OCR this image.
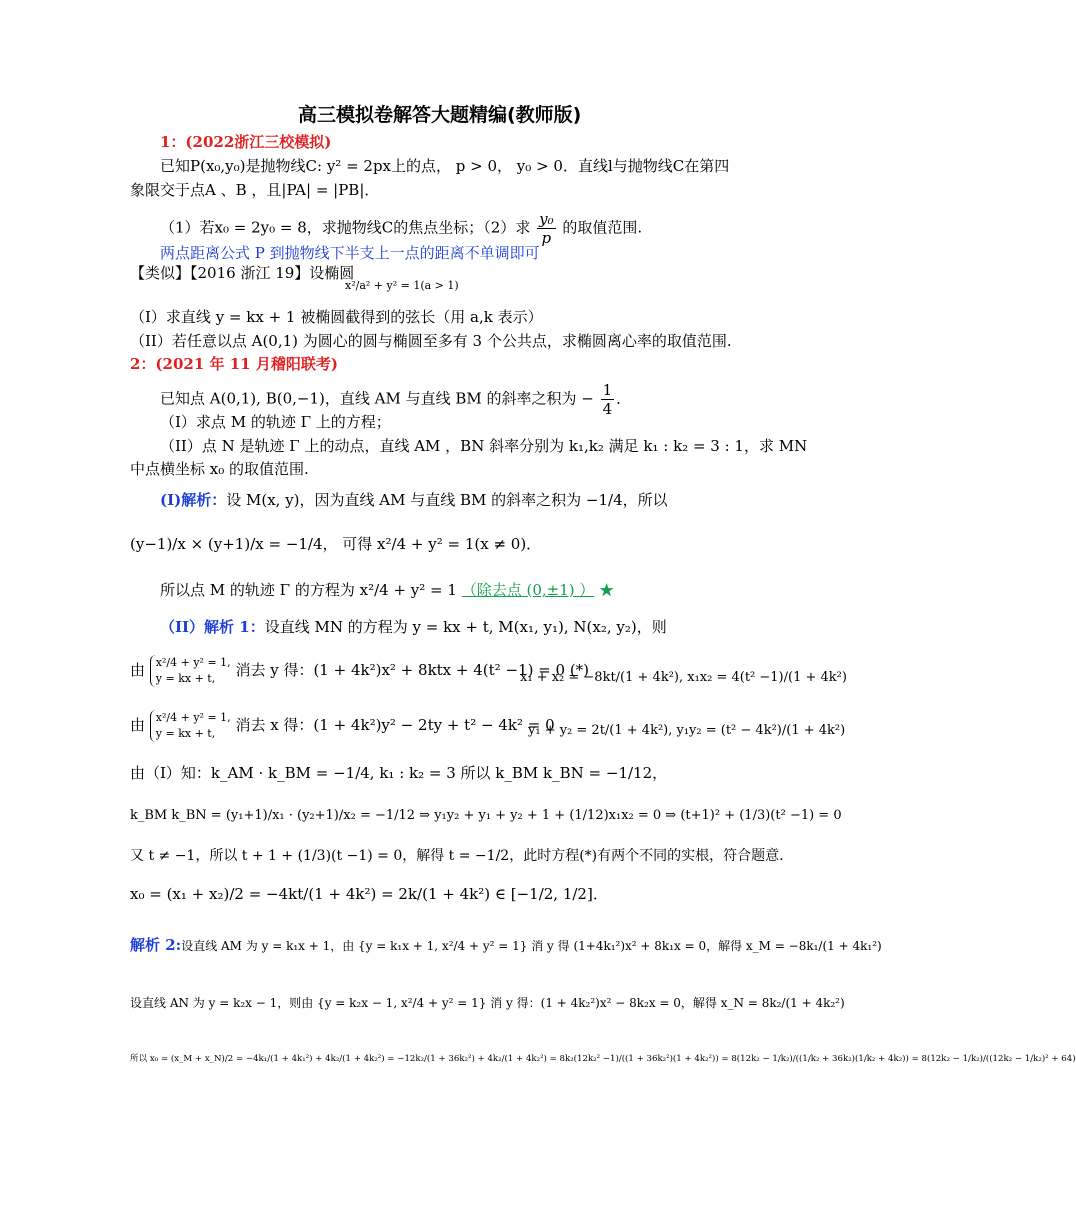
高三模拟卷解答大题精编(教师版)
1：(2022浙江三校模拟)
已知P(x₀,y₀)是抛物线C: y² = 2px上的点， p > 0， y₀ > 0．直线l与抛物线C在第四
象限交于点A 、B ，且|PA| = |PB|．
（1）若x₀ = 2y₀ = 8，求抛物线C的焦点坐标；（2）求 $\frac{\text{y₀}}{p}$ 的取值范围.
两点距离公式 P 到抛物线下半支上一点的距离不单调即可
【类似】【2016 浙江 19】设椭圆
x²/a² + y² = 1(a > 1)
（I）求直线 y = kx + 1 被椭圆截得到的弦长（用 a,k 表示）
（II）若任意以点 A(0,1) 为圆心的圆与椭圆至多有 3 个公共点，求椭圆离心率的取值范围.
2：(2021 年 11 月稽阳联考)
已知点 A(0,1), B(0,−1)，直线 AM 与直线 BM 的斜率之积为 − $\frac{1}{4}$ ．
（I）求点 M 的轨迹 Γ 上的方程；
（II）点 N 是轨迹 Γ 上的动点，直线 AM ，BN 斜率分别为 k₁,k₂ 满足 k₁ : k₂ = 3 : 1，求 MN
中点横坐标 x₀ 的取值范围.
(I)解析：设 M(x, y)，因为直线 AM 与直线 BM 的斜率之积为 −1/4，所以
(y−1)/x × (y+1)/x = −1/4， 可得 x²/4 + y² = 1(x ≠ 0)．
所以点 M 的轨迹 Γ 的方程为 x²/4 + y² = 1 （除去点 (0,±1) ） ★
（II）解析 1：设直线 MN 的方程为 y = kx + t, M(x₁, y₁), N(x₂, y₂)，则
由 x²/4 + y² = 1,
y = kx + t,	消去 y 得：(1 + 4k²)x² + 8ktx + 4(t² −1) = 0 (*)
x₁ + x₂ = −8kt/(1 + 4k²), x₁x₂ = 4(t² −1)/(1 + 4k²)
由 x²/4 + y² = 1,
y = kx + t,	消去 x 得：(1 + 4k²)y² − 2ty + t² − 4k² = 0
y₁ + y₂ = 2t/(1 + 4k²), y₁y₂ = (t² − 4k²)/(1 + 4k²)
由（I）知：k_AM · k_BM = −1/4, k₁ : k₂ = 3 所以 k_BM k_BN = −1/12，
k_BM k_BN = (y₁+1)/x₁ · (y₂+1)/x₂ = −1/12 ⇒ y₁y₂ + y₁ + y₂ + 1 + (1/12)x₁x₂ = 0 ⇒ (t+1)² + (1/3)(t² −1) = 0
又 t ≠ −1，所以 t + 1 + (1/3)(t −1) = 0，解得 t = −1/2，此时方程(*)有两个不同的实根，符合题意.
x₀ = (x₁ + x₂)/2 = −4kt/(1 + 4k²) = 2k/(1 + 4k²) ∈ [−1/2, 1/2]．
解析 2:设直线 AM 为 y = k₁x + 1，由 {y = k₁x + 1, x²/4 + y² = 1} 消 y 得 (1+4k₁²)x² + 8k₁x = 0，解得 x_M = −8k₁/(1 + 4k₁²)
设直线 AN 为 y = k₂x − 1，则由 {y = k₂x − 1, x²/4 + y² = 1} 消 y 得：(1 + 4k₂²)x² − 8k₂x = 0，解得 x_N = 8k₂/(1 + 4k₂²)
所以 x₀ = (x_M + x_N)/2 = −4k₁/(1 + 4k₁²) + 4k₂/(1 + 4k₂²) = −12k₂/(1 + 36k₂²) + 4k₂/(1 + 4k₂²) = 8k₂(12k₂² −1)/((1 + 36k₂²)(1 + 4k₂²)) = 8(12k₂ − 1/k₂)/((1/k₂ + 36k₂)(1/k₂ + 4k₂)) = 8(12k₂ − 1/k₂)/((12k₂ − 1/k₂)² + 64)
